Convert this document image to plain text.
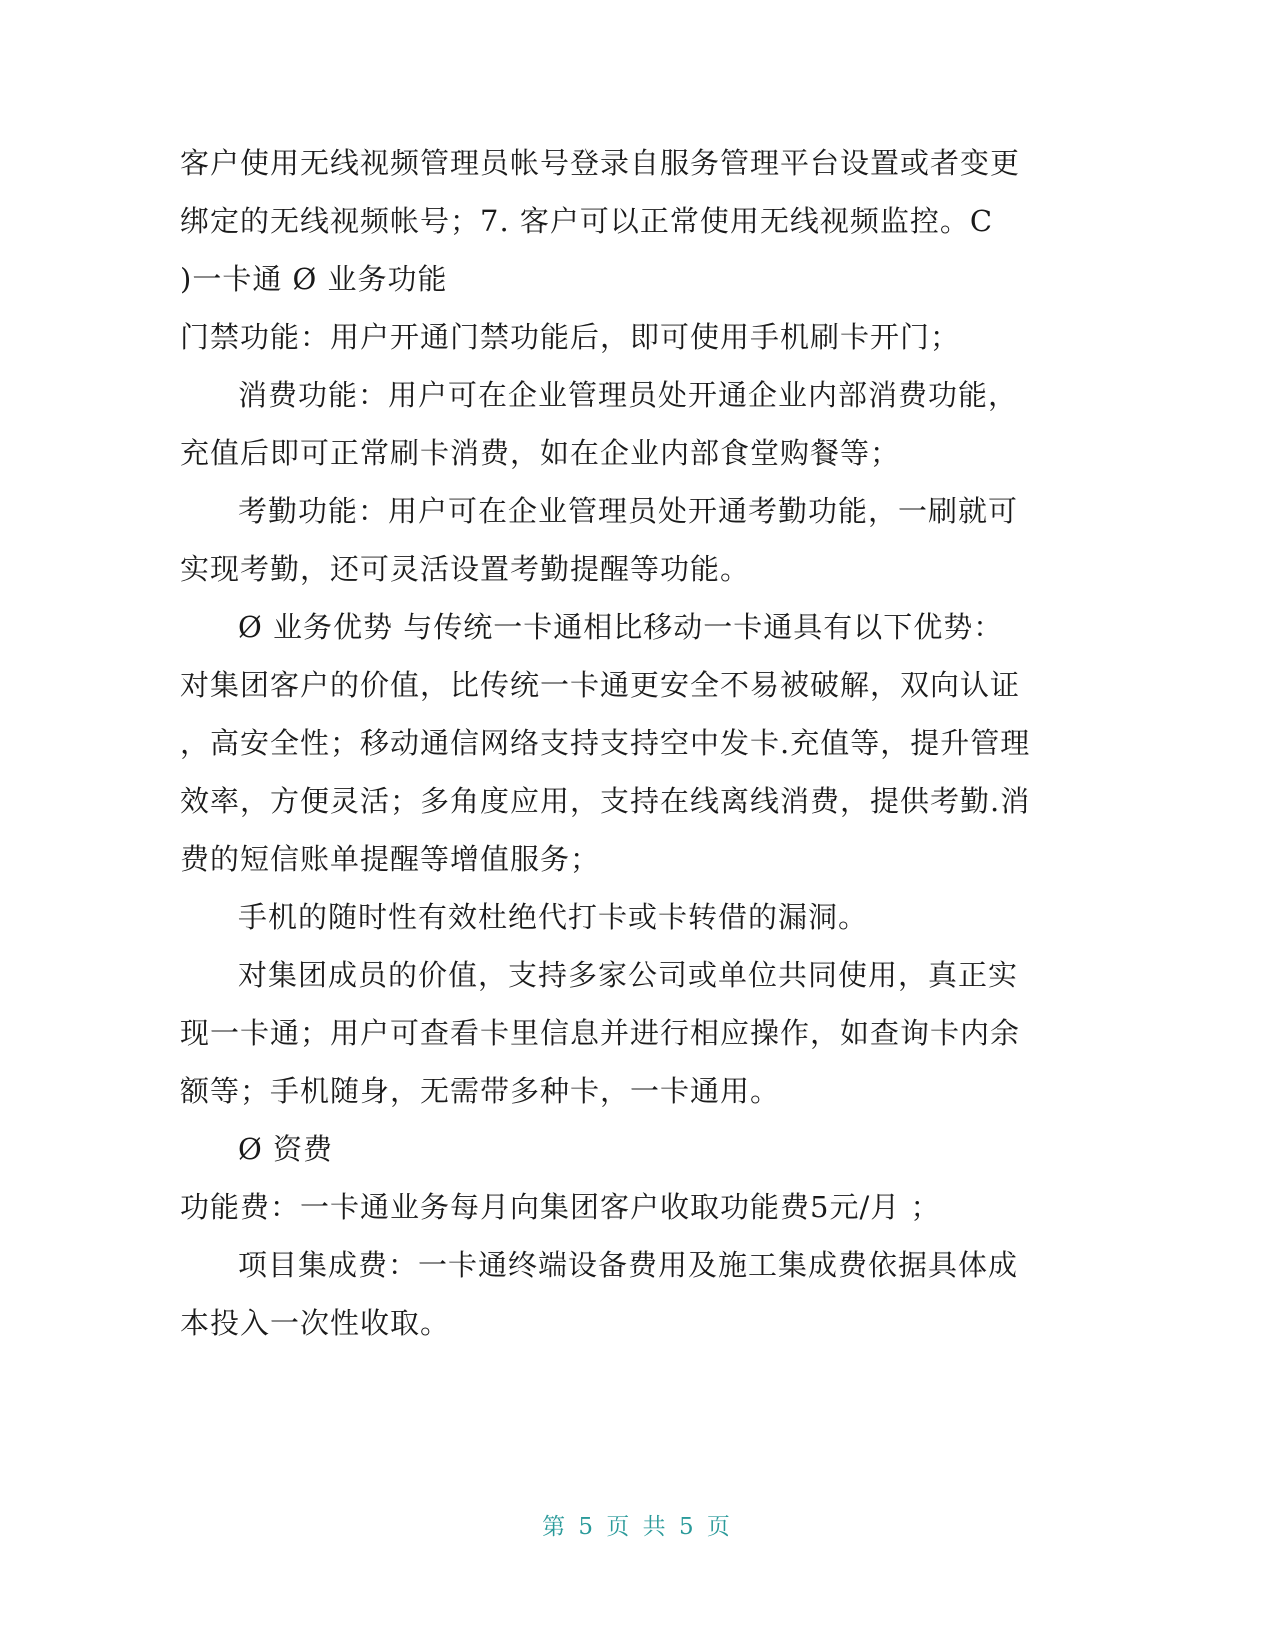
客户使用无线视频管理员帐号登录自服务管理平台设置或者变更
绑定的无线视频帐号；7. 客户可以正常使用无线视频监控。C
)一卡通 Ø 业务功能
门禁功能：用户开通门禁功能后，即可使用手机刷卡开门；
消费功能：用户可在企业管理员处开通企业内部消费功能，
充值后即可正常刷卡消费，如在企业内部食堂购餐等；
考勤功能：用户可在企业管理员处开通考勤功能，一刷就可
实现考勤，还可灵活设置考勤提醒等功能。
Ø 业务优势 与传统一卡通相比移动一卡通具有以下优势：
对集团客户的价值，比传统一卡通更安全不易被破解，双向认证
，高安全性；移动通信网络支持支持空中发卡.充值等，提升管理
效率，方便灵活；多角度应用，支持在线离线消费，提供考勤.消
费的短信账单提醒等增值服务；
手机的随时性有效杜绝代打卡或卡转借的漏洞。
对集团成员的价值，支持多家公司或单位共同使用，真正实
现一卡通；用户可查看卡里信息并进行相应操作，如查询卡内余
额等；手机随身，无需带多种卡，一卡通用。
Ø 资费
功能费：一卡通业务每月向集团客户收取功能费5元/月 ；
项目集成费：一卡通终端设备费用及施工集成费依据具体成
本投入一次性收取。
第 5 页 共 5 页
